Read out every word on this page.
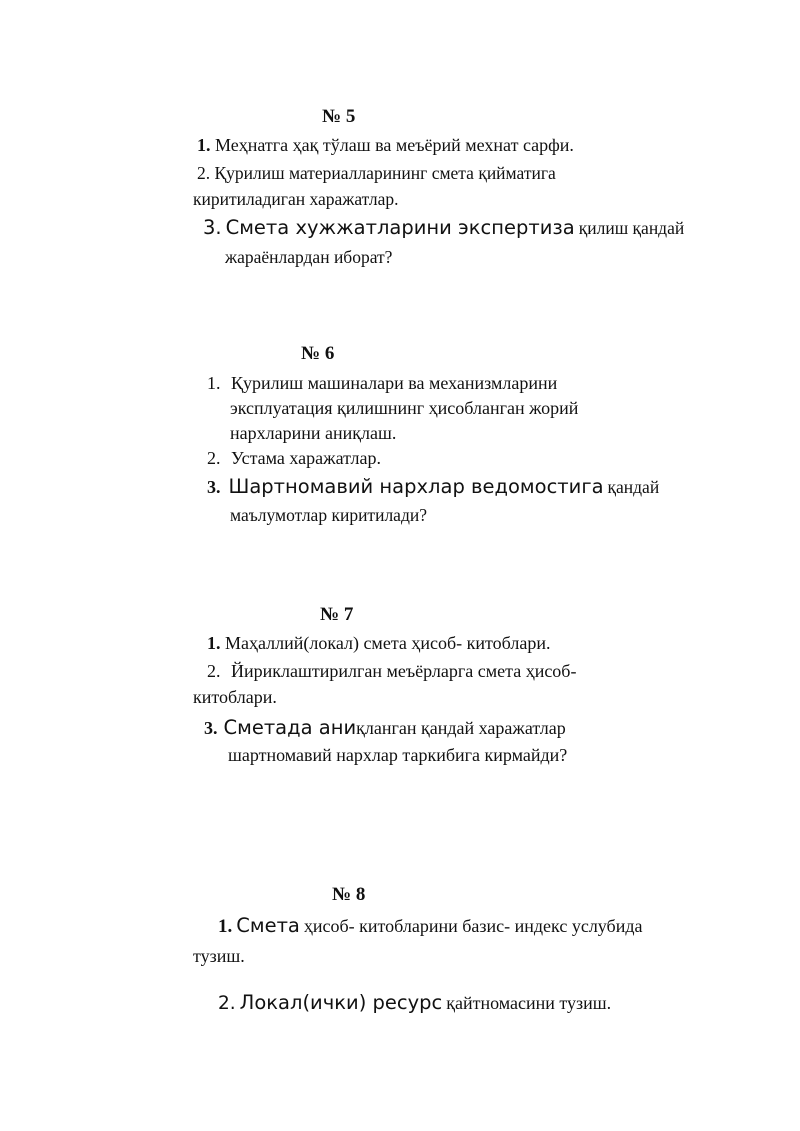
№ 5
1. Меҳнатга ҳақ тўлаш ва меъёрий мехнат сарфи.
2. Қурилиш материалларининг смета қийматига
киритиладиган харажатлар.
3. Смета хужжатларини экспертиза қилиш қандай
жараёнлардан иборат?
№ 6
1. Қурилиш машиналари ва механизмларини
эксплуатация қилишнинг ҳисобланган жорий
нархларини аниқлаш.
2. Устама харажатлар.
3. Шартномавий нархлар ведомостига қандай
маълумотлар киритилади?
№ 7
1. Маҳаллий(локал) смета ҳисоб- китоблари.
2. Йириклаштирилган меъёрларга смета ҳисоб-
китоблари.
3. Сметада аниқланган қандай харажатлар
шартномавий нархлар таркибига кирмайди?
№ 8
1. Смета ҳисоб- китобларини базис- индекс услубида
тузиш.
2. Локал(ички) ресурс қайтномасини тузиш.
